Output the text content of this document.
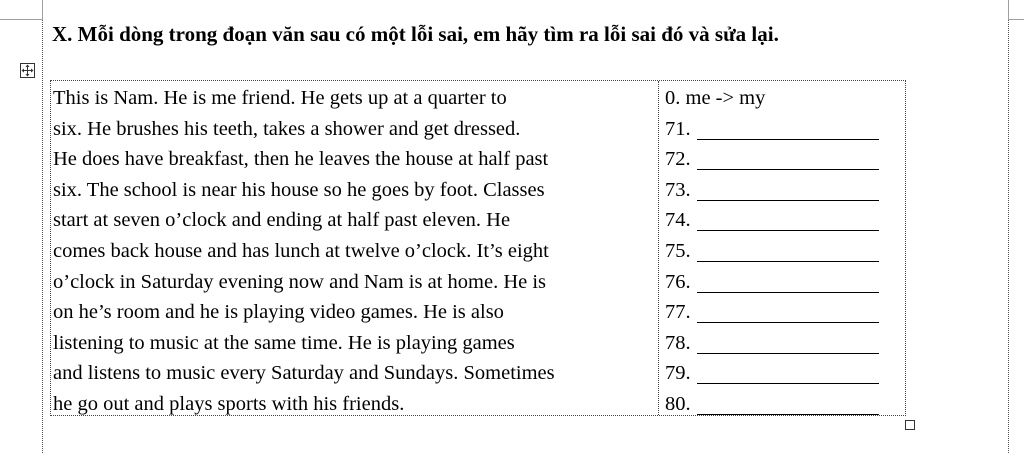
X. Mỗi dòng trong đoạn văn sau có một lỗi sai, em hãy tìm ra lỗi sai đó và sửa lại.
This is Nam. He is me friend. He gets up at a quarter to
six. He brushes his teeth, takes a shower and get dressed.
He does have breakfast, then he leaves the house at half past
six. The school is near his house so he goes by foot. Classes
start at seven o’clock and ending at half past eleven. He
comes back house and has lunch at twelve o’clock. It’s eight
o’clock in Saturday evening now and Nam is at home. He is
on he’s room and he is playing video games. He is also
listening to music at the same time. He is playing games
and listens to music every Saturday and Sundays. Sometimes
he go out and plays sports with his friends.
0. me -> my
71.
72.
73.
74.
75.
76.
77.
78.
79.
80.
